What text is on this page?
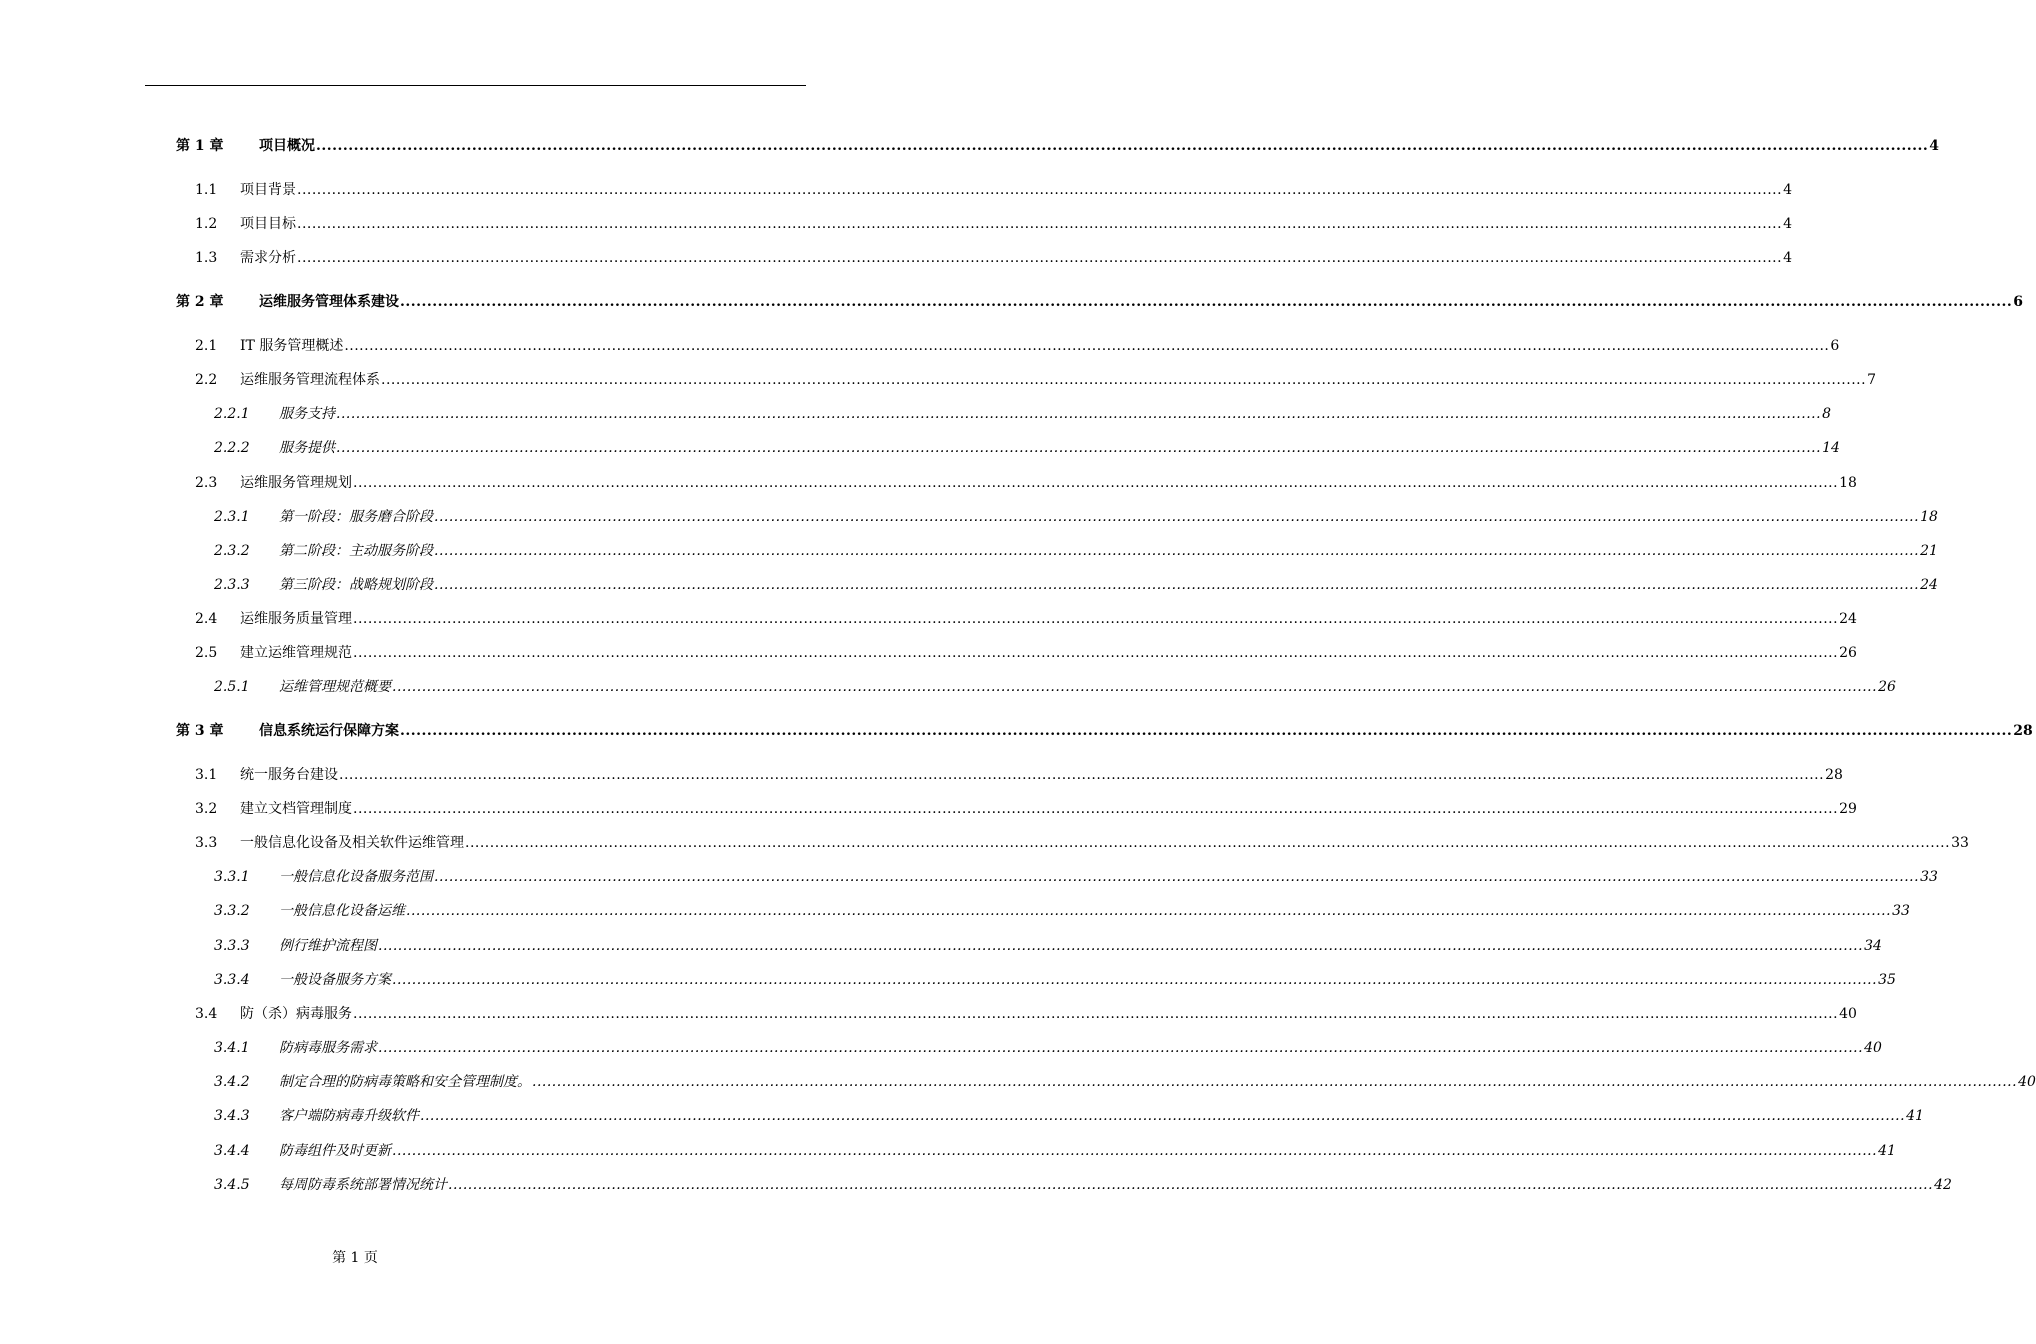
第 1 章	项目概况 ............................................................................................................................................................................................................................................................................................................ 4
1.1	项目背景 ............................................................................................................................................................................................................................................................................................................ 4
1.2	项目目标 ............................................................................................................................................................................................................................................................................................................ 4
1.3	需求分析 ............................................................................................................................................................................................................................................................................................................ 4
第 2 章	运维服务管理体系建设 ............................................................................................................................................................................................................................................................................................................ 6
2.1	IT 服务管理概述 ............................................................................................................................................................................................................................................................................................................ 6
2.2	运维服务管理流程体系 ............................................................................................................................................................................................................................................................................................................ 7
2.2.1	服务支持 ............................................................................................................................................................................................................................................................................................................ 8
2.2.2	服务提供 ............................................................................................................................................................................................................................................................................................................ 14
2.3	运维服务管理规划 ............................................................................................................................................................................................................................................................................................................ 18
2.3.1	第一阶段：服务磨合阶段 ............................................................................................................................................................................................................................................................................................................ 18
2.3.2	第二阶段：主动服务阶段 ............................................................................................................................................................................................................................................................................................................ 21
2.3.3	第三阶段：战略规划阶段 ............................................................................................................................................................................................................................................................................................................ 24
2.4	运维服务质量管理 ............................................................................................................................................................................................................................................................................................................ 24
2.5	建立运维管理规范 ............................................................................................................................................................................................................................................................................................................ 26
2.5.1	运维管理规范概要 ............................................................................................................................................................................................................................................................................................................ 26
第 3 章	信息系统运行保障方案 ............................................................................................................................................................................................................................................................................................................ 28
3.1	统一服务台建设 ............................................................................................................................................................................................................................................................................................................ 28
3.2	建立文档管理制度 ............................................................................................................................................................................................................................................................................................................ 29
3.3	一般信息化设备及相关软件运维管理 ............................................................................................................................................................................................................................................................................................................ 33
3.3.1	一般信息化设备服务范围 ............................................................................................................................................................................................................................................................................................................ 33
3.3.2	一般信息化设备运维 ............................................................................................................................................................................................................................................................................................................ 33
3.3.3	例行维护流程图 ............................................................................................................................................................................................................................................................................................................ 34
3.3.4	一般设备服务方案 ............................................................................................................................................................................................................................................................................................................ 35
3.4	防（杀）病毒服务 ............................................................................................................................................................................................................................................................................................................ 40
3.4.1	防病毒服务需求 ............................................................................................................................................................................................................................................................................................................ 40
3.4.2	制定合理的防病毒策略和安全管理制度。 ............................................................................................................................................................................................................................................................................................................ 40
3.4.3	客户端防病毒升级软件 ............................................................................................................................................................................................................................................................................................................ 41
3.4.4	防毒组件及时更新 ............................................................................................................................................................................................................................................................................................................ 41
3.4.5	每周防毒系统部署情况统计 ............................................................................................................................................................................................................................................................................................................ 42
第 1 页
